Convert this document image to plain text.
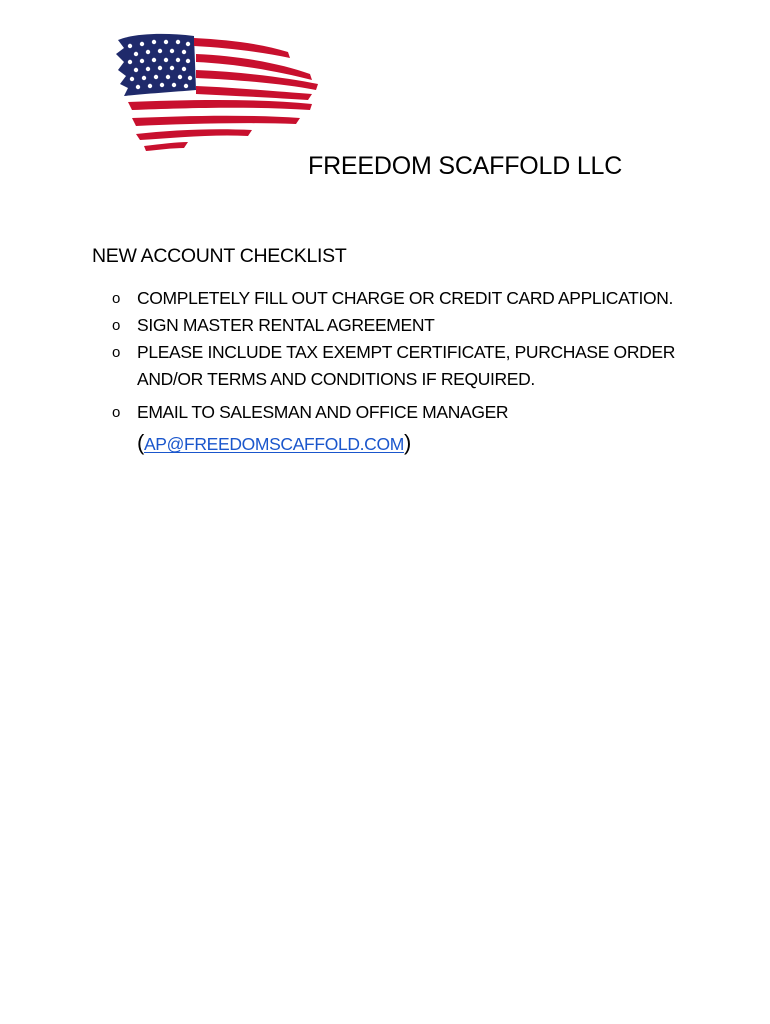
FREEDOM SCAFFOLD LLC
NEW ACCOUNT CHECKLIST
o COMPLETELY FILL OUT CHARGE OR CREDIT CARD APPLICATION.
o SIGN MASTER RENTAL AGREEMENT
o PLEASE INCLUDE TAX EXEMPT CERTIFICATE, PURCHASE ORDER
AND/OR TERMS AND CONDITIONS IF REQUIRED.
o EMAIL TO SALESMAN AND OFFICE MANAGER
(AP@FREEDOMSCAFFOLD.COM)
